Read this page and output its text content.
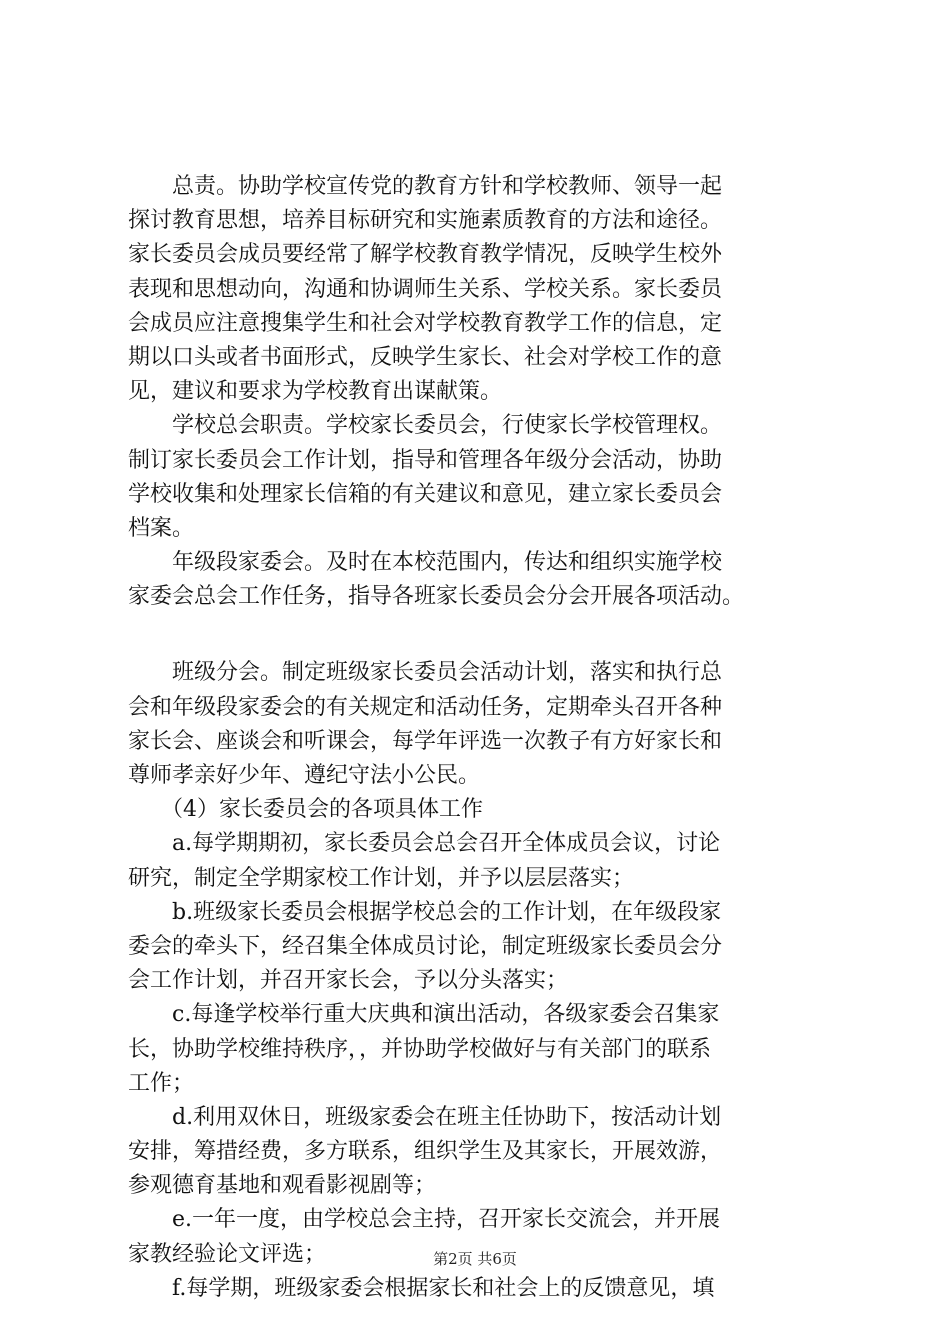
　　总责。协助学校宣传党的教育方针和学校教师、领导一起
探讨教育思想，培养目标研究和实施素质教育的方法和途径。
家长委员会成员要经常了解学校教育教学情况，反映学生校外
表现和思想动向，沟通和协调师生关系、学校关系。家长委员
会成员应注意搜集学生和社会对学校教育教学工作的信息，定
期以口头或者书面形式，反映学生家长、社会对学校工作的意
见，建议和要求为学校教育出谋献策。
　　学校总会职责。学校家长委员会，行使家长学校管理权。
制订家长委员会工作计划，指导和管理各年级分会活动，协助
学校收集和处理家长信箱的有关建议和意见，建立家长委员会
档案。
　　年级段家委会。及时在本校范围内，传达和组织实施学校
家委会总会工作任务，指导各班家长委员会分会开展各项活动。
　　班级分会。制定班级家长委员会活动计划，落实和执行总
会和年级段家委会的有关规定和活动任务，定期牵头召开各种
家长会、座谈会和听课会，每学年评选一次教子有方好家长和
尊师孝亲好少年、遵纪守法小公民。
　　（4）家长委员会的各项具体工作
　　a.每学期期初，家长委员会总会召开全体成员会议，讨论
研究，制定全学期家校工作计划，并予以层层落实；
　　b.班级家长委员会根据学校总会的工作计划，在年级段家
委会的牵头下，经召集全体成员讨论，制定班级家长委员会分
会工作计划，并召开家长会，予以分头落实；
　　c.每逢学校举行重大庆典和演出活动，各级家委会召集家
长，协助学校维持秩序，，并协助学校做好与有关部门的联系
工作；
　　d.利用双休日，班级家委会在班主任协助下，按活动计划
安排，筹措经费，多方联系，组织学生及其家长，开展效游，
参观德育基地和观看影视剧等；
　　e.一年一度，由学校总会主持，召开家长交流会，并开展
家教经验论文评选；
　　f.每学期，班级家委会根据家长和社会上的反馈意见，填
第2页 共6页
